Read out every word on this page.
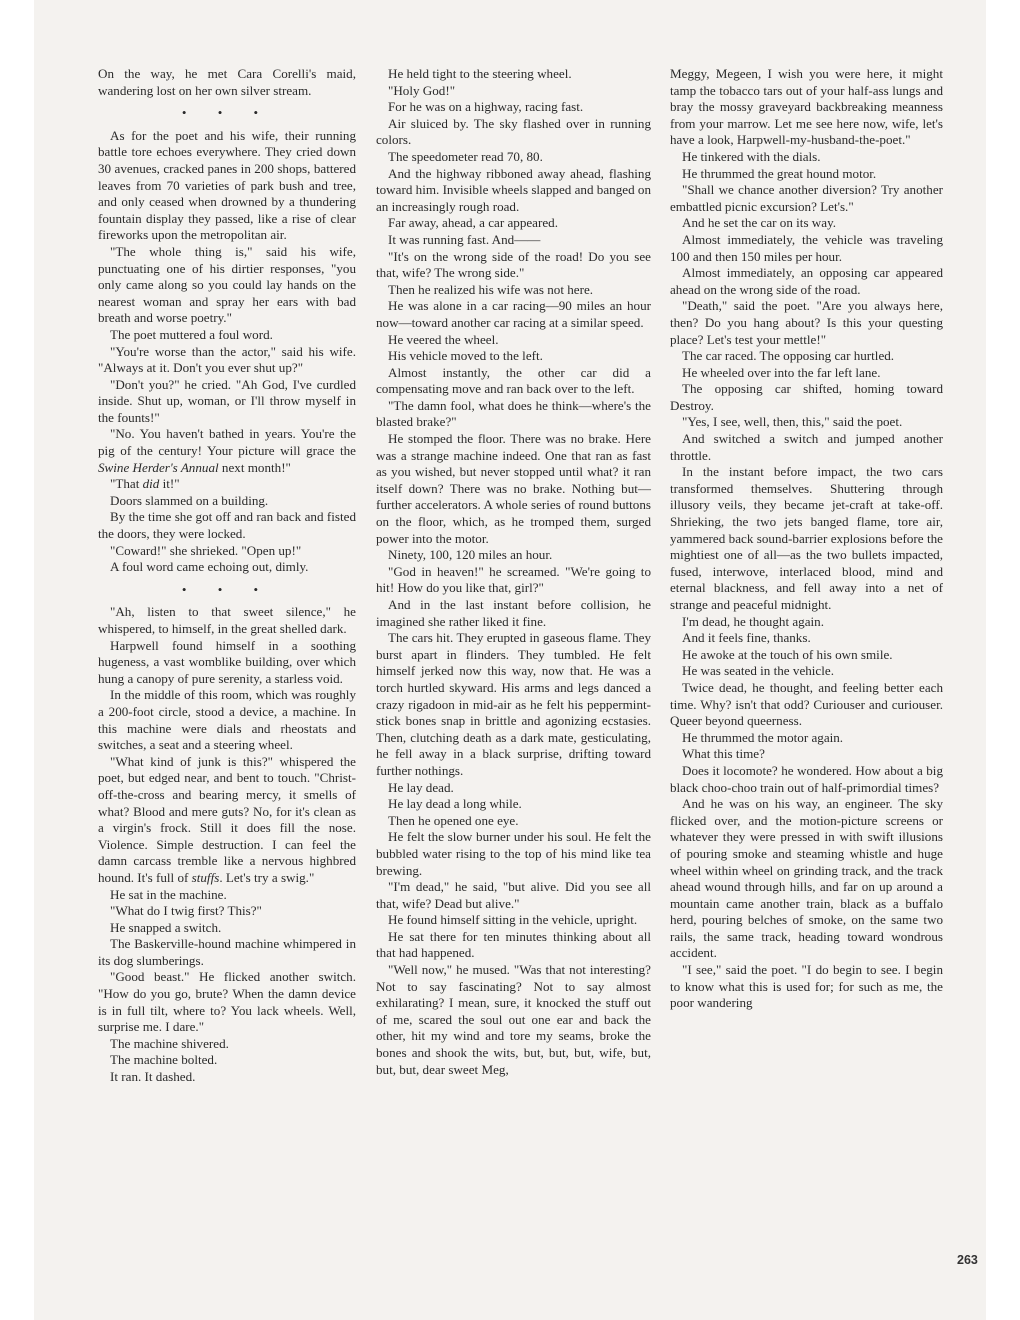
On the way, he met Cara Corelli's maid, wandering lost on her own silver stream.

• • •

As for the poet and his wife, their running battle tore echoes everywhere. They cried down 30 avenues, cracked panes in 200 shops, battered leaves from 70 varieties of park bush and tree, and only ceased when drowned by a thundering fountain display they passed, like a rise of clear fireworks upon the metropolitan air.

"The whole thing is," said his wife, punctuating one of his dirtier responses, "you only came along so you could lay hands on the nearest woman and spray her ears with bad breath and worse poetry."

The poet muttered a foul word.

"You're worse than the actor," said his wife. "Always at it. Don't you ever shut up?"

"Don't you?" he cried. "Ah God, I've curdled inside. Shut up, woman, or I'll throw myself in the founts!"

"No. You haven't bathed in years. You're the pig of the century! Your picture will grace the Swine Herder's Annual next month!"

"That did it!"

Doors slammed on a building.

By the time she got off and ran back and fisted the doors, they were locked.

"Coward!" she shrieked. "Open up!"

A foul word came echoing out, dimly.

• • •

"Ah, listen to that sweet silence," he whispered, to himself, in the great shelled dark.

Harpwell found himself in a soothing hugeness, a vast womblike building, over which hung a canopy of pure serenity, a starless void.

In the middle of this room, which was roughly a 200-foot circle, stood a device, a machine. In this machine were dials and rheostats and switches, a seat and a steering wheel.

"What kind of junk is this?" whispered the poet, but edged near, and bent to touch. "Christ-off-the-cross and bearing mercy, it smells of what? Blood and mere guts? No, for it's clean as a virgin's frock. Still it does fill the nose. Violence. Simple destruction. I can feel the damn carcass tremble like a nervous highbred hound. It's full of stuffs. Let's try a swig."

He sat in the machine.

"What do I twig first? This?"

He snapped a switch.

The Baskerville-hound machine whimpered in its dog slumberings.

"Good beast." He flicked another switch. "How do you go, brute? When the damn device is in full tilt, where to? You lack wheels. Well, surprise me. I dare."

The machine shivered.

The machine bolted.

It ran. It dashed.

He held tight to the steering wheel.

"Holy God!"

For he was on a highway, racing fast.

Air sluiced by. The sky flashed over in running colors.

The speedometer read 70, 80.

And the highway ribboned away ahead, flashing toward him. Invisible wheels slapped and banged on an increasingly rough road.

Far away, ahead, a car appeared.

It was running fast. And——

"It's on the wrong side of the road! Do you see that, wife? The wrong side."

Then he realized his wife was not here.

He was alone in a car racing—90 miles an hour now—toward another car racing at a similar speed.

He veered the wheel.

His vehicle moved to the left.

Almost instantly, the other car did a compensating move and ran back over to the left.

"The damn fool, what does he think—where's the blasted brake?"

He stomped the floor. There was no brake. Here was a strange machine indeed. One that ran as fast as you wished, but never stopped until what? it ran itself down? There was no brake. Nothing but—further accelerators. A whole series of round buttons on the floor, which, as he tromped them, surged power into the motor.

Ninety, 100, 120 miles an hour.

"God in heaven!" he screamed. "We're going to hit! How do you like that, girl?"

And in the last instant before collision, he imagined she rather liked it fine.

The cars hit. They erupted in gaseous flame. They burst apart in flinders. They tumbled. He felt himself jerked now this way, now that. He was a torch hurtled skyward. His arms and legs danced a crazy rigadoon in mid-air as he felt his peppermint-stick bones snap in brittle and agonizing ecstasies. Then, clutching death as a dark mate, gesticulating, he fell away in a black surprise, drifting toward further nothings.

He lay dead.

He lay dead a long while.

Then he opened one eye.

He felt the slow burner under his soul. He felt the bubbled water rising to the top of his mind like tea brewing.

"I'm dead," he said, "but alive. Did you see all that, wife? Dead but alive."

He found himself sitting in the vehicle, upright.

He sat there for ten minutes thinking about all that had happened.

"Well now," he mused. "Was that not interesting? Not to say fascinating? Not to say almost exhilarating? I mean, sure, it knocked the stuff out of me, scared the soul out one ear and back the other, hit my wind and tore my seams, broke the bones and shook the wits, but, but, but, wife, but, but, but, dear sweet Meg,

Meggy, Megeen, I wish you were here, it might tamp the tobacco tars out of your half-ass lungs and bray the mossy graveyard backbreaking meanness from your marrow. Let me see here now, wife, let's have a look, Harpwell-my-husband-the-poet."

He tinkered with the dials.

He thrummed the great hound motor.

"Shall we chance another diversion? Try another embattled picnic excursion? Let's."

And he set the car on its way.

Almost immediately, the vehicle was traveling 100 and then 150 miles per hour.

Almost immediately, an opposing car appeared ahead on the wrong side of the road.

"Death," said the poet. "Are you always here, then? Do you hang about? Is this your questing place? Let's test your mettle!"

The car raced. The opposing car hurtled.

He wheeled over into the far left lane.

The opposing car shifted, homing toward Destroy.

"Yes, I see, well, then, this," said the poet.

And switched a switch and jumped another throttle.

In the instant before impact, the two cars transformed themselves. Shuttering through illusory veils, they became jet-craft at take-off. Shrieking, the two jets banged flame, tore air, yammered back sound-barrier explosions before the mightiest one of all—as the two bullets impacted, fused, interwove, interlaced blood, mind and eternal blackness, and fell away into a net of strange and peaceful midnight.

I'm dead, he thought again.

And it feels fine, thanks.

He awoke at the touch of his own smile.

He was seated in the vehicle.

Twice dead, he thought, and feeling better each time. Why? isn't that odd? Curiouser and curiouser. Queer beyond queerness.

He thrummed the motor again.

What this time?

Does it locomote? he wondered. How about a big black choo-choo train out of half-primordial times?

And he was on his way, an engineer. The sky flicked over, and the motion-picture screens or whatever they were pressed in with swift illusions of pouring smoke and steaming whistle and huge wheel within wheel on grinding track, and the track ahead wound through hills, and far on up around a mountain came another train, black as a buffalo herd, pouring belches of smoke, on the same two rails, the same track, heading toward wondrous accident.

"I see," said the poet. "I do begin to see. I begin to know what this is used for; for such as me, the poor wandering

263
